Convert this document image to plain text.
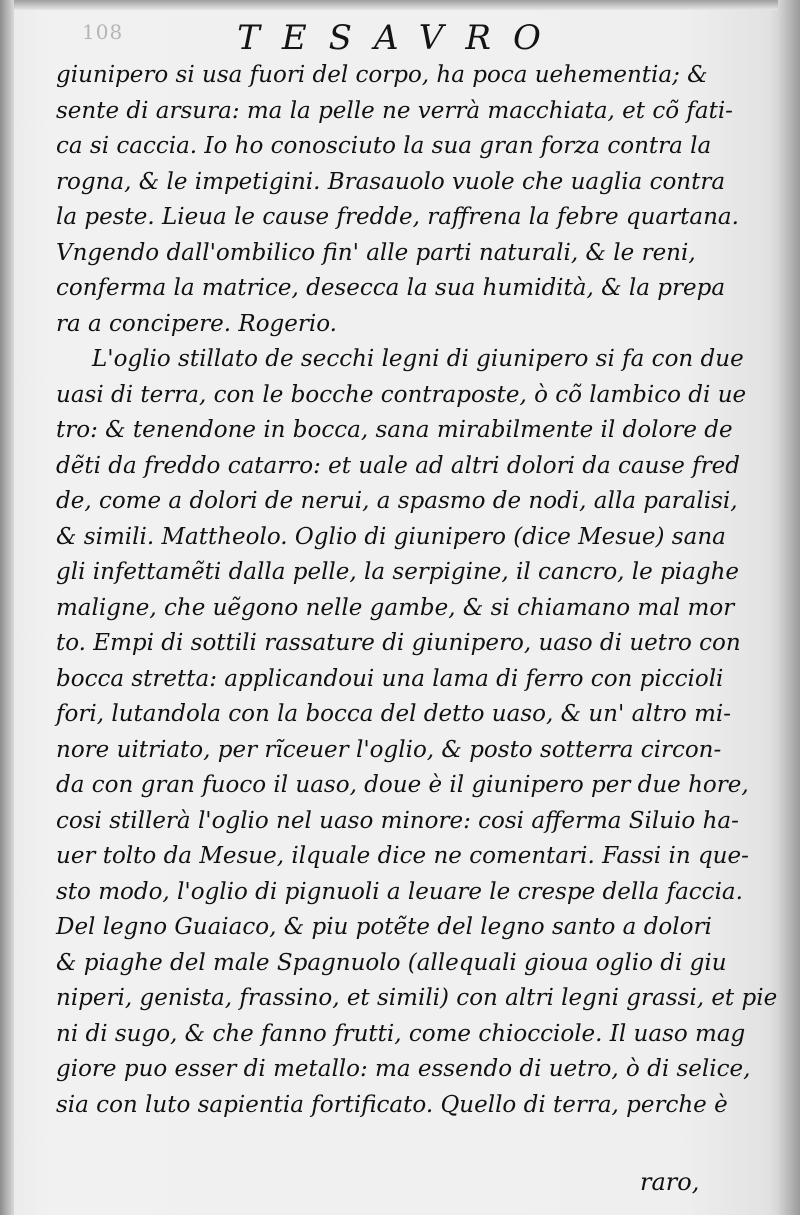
108	TESAVRO
giunipero si usa fuori del corpo, ha poca uehementia; &
sente di arsura: ma la pelle ne verrà macchiata, et cõ fati-
ca si caccia. Io ho conosciuto la sua gran forza contra la
rogna, & le impetigini. Brasauolo vuole che uaglia contra
la peste. Lieua le cause fredde, raffrena la febre quartana.
Vngendo dall'ombilico fin' alle parti naturali, & le reni,
conferma la matrice, desecca la sua humidità, & la prepa
ra a concipere. Rogerio.
L'oglio stillato de secchi legni di giunipero si fa con due
uasi di terra, con le bocche contraposte, ò cõ lambico di ue
tro: & tenendone in bocca, sana mirabilmente il dolore de
dẽti da freddo catarro: et uale ad altri dolori da cause fred
de, come a dolori de nerui, a spasmo de nodi, alla paralisi,
& simili. Mattheolo. Oglio di giunipero (dice Mesue) sana
gli infettamẽti dalla pelle, la serpigine, il cancro, le piaghe
maligne, che uẽgono nelle gambe, & si chiamano mal mor
to. Empi di sottili rassature di giunipero, uaso di uetro con
bocca stretta: applicandoui una lama di ferro con piccioli
fori, lutandola con la bocca del detto uaso, & un' altro mi-
nore uitriato, per rĩceuer l'oglio, & posto sotterra circon-
da con gran fuoco il uaso, doue è il giunipero per due hore,
cosi stillerà l'oglio nel uaso minore: cosi afferma Siluio ha-
uer tolto da Mesue, ilquale dice ne comentari. Fassi in que-
sto modo, l'oglio di pignuoli a leuare le crespe della faccia.
Del legno Guaiaco, & piu potẽte del legno santo a dolori
& piaghe del male Spagnuolo (allequali gioua oglio di giu
niperi, genista, frassino, et simili) con altri legni grassi, et pie
ni di sugo, & che fanno frutti, come chiocciole. Il uaso mag
giore puo esser di metallo: ma essendo di uetro, ò di selice,
sia con luto sapientia fortificato. Quello di terra, perche è
raro,
